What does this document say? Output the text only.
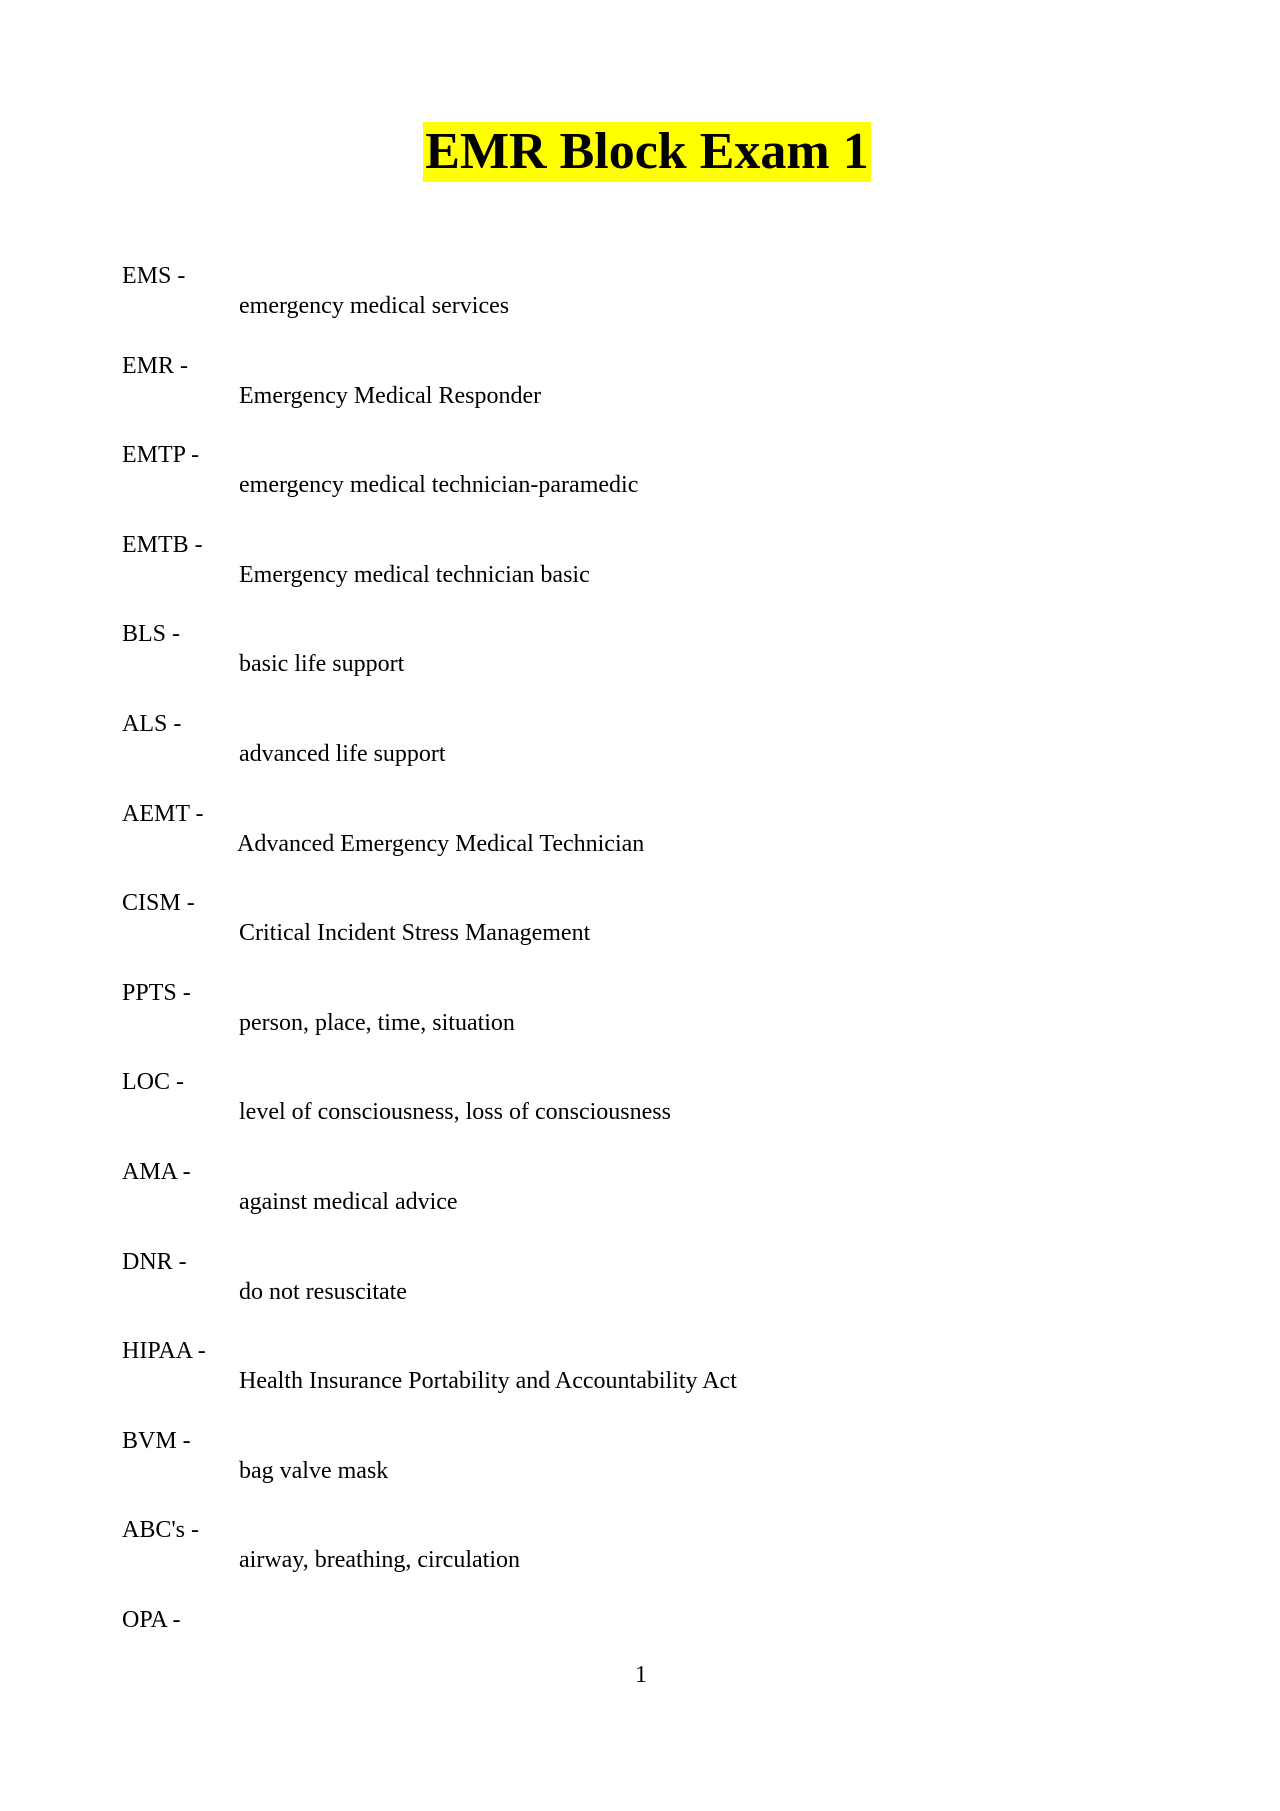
EMR Block Exam 1
EMS -
emergency medical services
EMR -
Emergency Medical Responder
EMTP -
emergency medical technician-paramedic
EMTB -
Emergency medical technician basic
BLS -
basic life support
ALS -
advanced life support
AEMT -
Advanced Emergency Medical Technician
CISM -
Critical Incident Stress Management
PPTS -
person, place, time, situation
LOC -
level of consciousness, loss of consciousness
AMA -
against medical advice
DNR -
do not resuscitate
HIPAA -
Health Insurance Portability and Accountability Act
BVM -
bag valve mask
ABC's -
airway, breathing, circulation
OPA -
1
